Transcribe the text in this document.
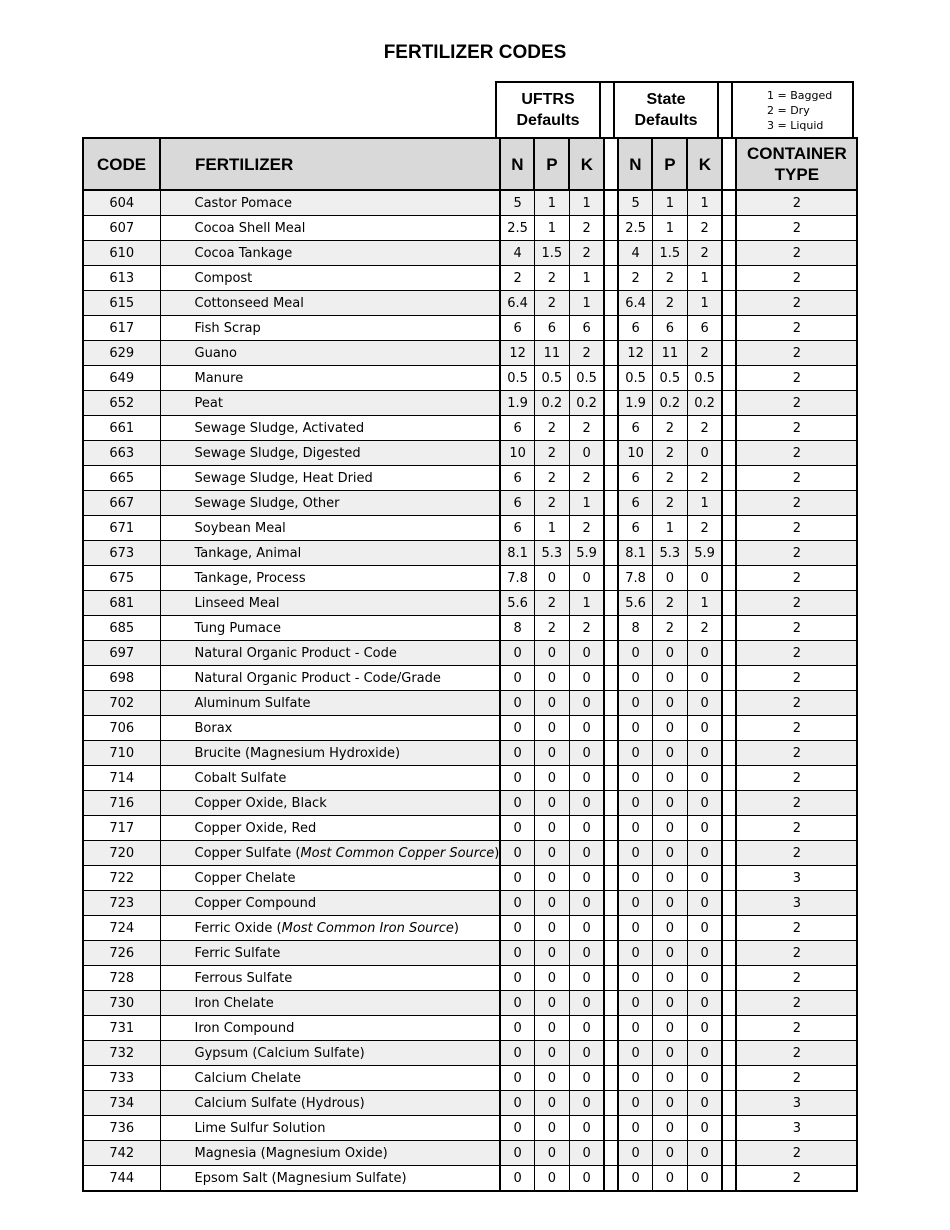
FERTILIZER CODES
UFTRS
Defaults		State
Defaults		
1 = Bagged
2 = Dry
3 = Liquid
CODE	FERTILIZER	N	P	K		N	P	K		CONTAINER
TYPE
604	Castor Pomace	5	1	1		5	1	1		2
607	Cocoa Shell Meal	2.5	1	2		2.5	1	2		2
610	Cocoa Tankage	4	1.5	2		4	1.5	2		2
613	Compost	2	2	1		2	2	1		2
615	Cottonseed Meal	6.4	2	1		6.4	2	1		2
617	Fish Scrap	6	6	6		6	6	6		2
629	Guano	12	11	2		12	11	2		2
649	Manure	0.5	0.5	0.5		0.5	0.5	0.5		2
652	Peat	1.9	0.2	0.2		1.9	0.2	0.2		2
661	Sewage Sludge, Activated	6	2	2		6	2	2		2
663	Sewage Sludge, Digested	10	2	0		10	2	0		2
665	Sewage Sludge, Heat Dried	6	2	2		6	2	2		2
667	Sewage Sludge, Other	6	2	1		6	2	1		2
671	Soybean Meal	6	1	2		6	1	2		2
673	Tankage, Animal	8.1	5.3	5.9		8.1	5.3	5.9		2
675	Tankage, Process	7.8	0	0		7.8	0	0		2
681	Linseed Meal	5.6	2	1		5.6	2	1		2
685	Tung Pumace	8	2	2		8	2	2		2
697	Natural Organic Product - Code	0	0	0		0	0	0		2
698	Natural Organic Product - Code/Grade	0	0	0		0	0	0		2
702	Aluminum Sulfate	0	0	0		0	0	0		2
706	Borax	0	0	0		0	0	0		2
710	Brucite (Magnesium Hydroxide)	0	0	0		0	0	0		2
714	Cobalt Sulfate	0	0	0		0	0	0		2
716	Copper Oxide, Black	0	0	0		0	0	0		2
717	Copper Oxide, Red	0	0	0		0	0	0		2
720	Copper Sulfate (Most Common Copper Source)	0	0	0		0	0	0		2
722	Copper Chelate	0	0	0		0	0	0		3
723	Copper Compound	0	0	0		0	0	0		3
724	Ferric Oxide (Most Common Iron Source)	0	0	0		0	0	0		2
726	Ferric Sulfate	0	0	0		0	0	0		2
728	Ferrous Sulfate	0	0	0		0	0	0		2
730	Iron Chelate	0	0	0		0	0	0		2
731	Iron Compound	0	0	0		0	0	0		2
732	Gypsum (Calcium Sulfate)	0	0	0		0	0	0		2
733	Calcium Chelate	0	0	0		0	0	0		2
734	Calcium Sulfate (Hydrous)	0	0	0		0	0	0		3
736	Lime Sulfur Solution	0	0	0		0	0	0		3
742	Magnesia (Magnesium Oxide)	0	0	0		0	0	0		2
744	Epsom Salt (Magnesium Sulfate)	0	0	0		0	0	0		2
